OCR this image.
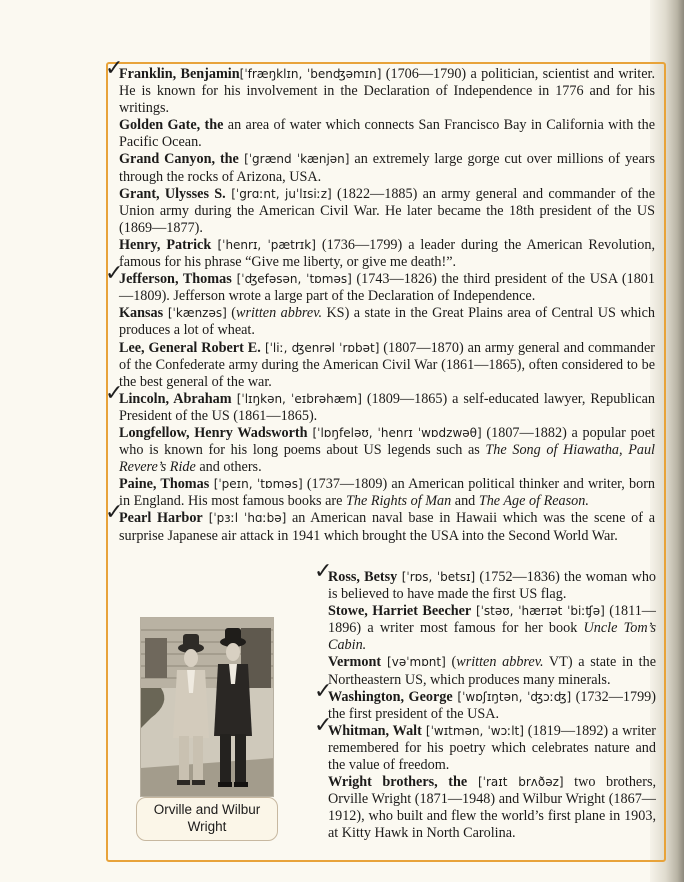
Franklin, Benjamin[ˈfræŋklɪn, ˈbenʤəmɪn] (1706—1790) a politician, scientist and writer. He is known for his involvement in the Declaration of Independence in 1776 and for his writings.

Golden Gate, the an area of water which connects San Francisco Bay in California with the Pacific Ocean.

Grand Canyon, the [ˈgrænd ˈkænjən] an extremely large gorge cut over millions of years through the rocks of Arizona, USA.

Grant, Ulysses S. [ˈgrɑːnt, juˈlɪsiːz] (1822—1885) an army general and commander of the Union army during the American Civil War. He later became the 18th president of the US (1869—1877).

Henry, Patrick [ˈhenrɪ, ˈpætrɪk] (1736—1799) a leader during the American Revolution, famous for his phrase “Give me liberty, or give me death!”.

Jefferson, Thomas [ˈʤefəsən, ˈtɒməs] (1743—1826) the third president of the USA (1801—1809). Jefferson wrote a large part of the Declaration of Independence.

Kansas [ˈkænzəs] (written abbrev. KS) a state in the Great Plains area of Central US which produces a lot of wheat.

Lee, General Robert E. [ˈliː, ʤenrəl ˈrɒbət] (1807—1870) an army general and commander of the Confederate army during the American Civil War (1861—1865), often considered to be the best general of the war.

Lincoln, Abraham [ˈlɪŋkən, ˈeɪbrəhæm] (1809—1865) a self-educated lawyer, Republican President of the US (1861—1865).

Longfellow, Henry Wadsworth [ˈlɒŋfeləʊ, ˈhenrɪ ˈwɒdzwəθ] (1807—1882) a popular poet who is known for his long poems about US legends such as The Song of Hiawatha, Paul Revere’s Ride and others.

Paine, Thomas [ˈpeɪn, ˈtɒməs] (1737—1809) an American political thinker and writer, born in England. His most famous books are The Rights of Man and The Age of Reason.

Pearl Harbor [ˈpɜːl ˈhɑːbə] an American naval base in Hawaii which was the scene of a surprise Japanese air attack in 1941 which brought the USA into the Second World War.

Ross, Betsy [ˈrɒs, ˈbetsɪ] (1752—1836) the woman who is believed to have made the first US flag.

Stowe, Harriet Beecher [ˈstəʊ, ˈhærɪət ˈbiːʧə] (1811—1896) a writer most famous for her book Uncle Tom’s Cabin.

Vermont [vəˈmɒnt] (written abbrev. VT) a state in the Northeastern US, which produces many minerals.

Washington, George [ˈwɒʃɪŋtən, ˈʤɔːʤ] (1732—1799) the first president of the USA.

Whitman, Walt [ˈwɪtmən, ˈwɔːlt] (1819—1892) a writer remembered for his poetry which celebrates nature and the value of freedom.

Wright brothers, the [ˈraɪt brʌðəz] two brothers, Orville Wright (1871—1948) and Wilbur Wright (1867—1912), who built and flew the world’s first plane in 1903, at Kitty Hawk in North Carolina.

Orville and Wilbur Wright
✓
✓
✓
✓
✓
✓
✓
